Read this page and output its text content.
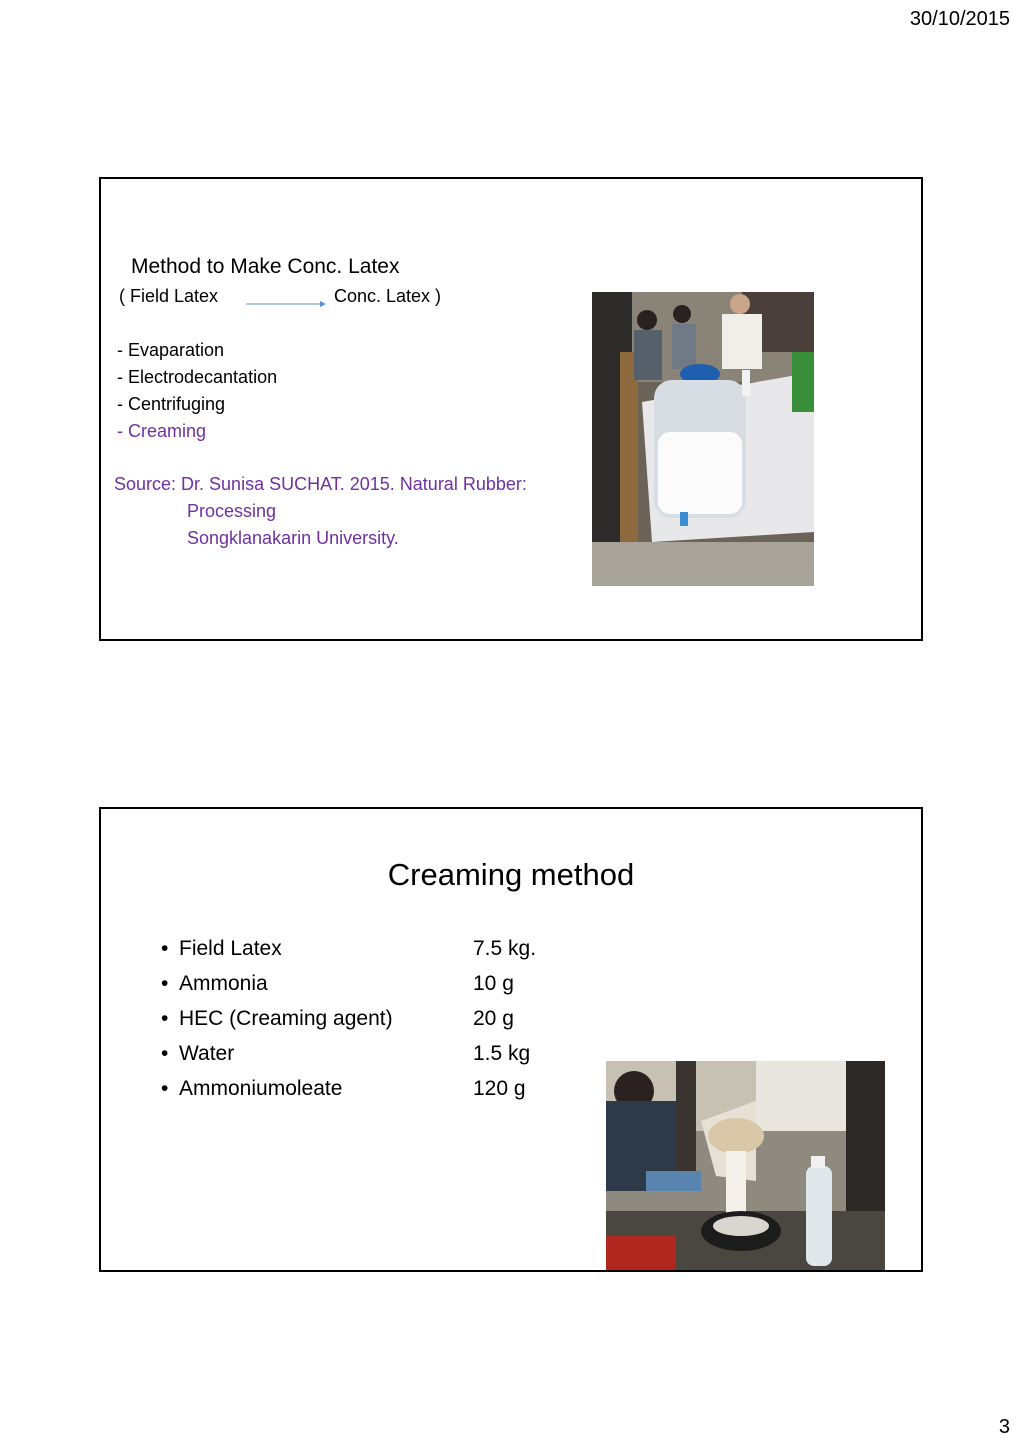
30/10/2015
Method to Make Conc. Latex
( Field Latex	Conc. Latex )
- Evaparation
- Electrodecantation
- Centrifuging
- Creaming
Source: Dr. Sunisa SUCHAT. 2015. Natural Rubber:
Processing
Songklanakarin University.
Creaming method
• Field Latex	7.5 kg.
• Ammonia	10 g
• HEC (Creaming agent)	20 g
• Water	1.5 kg
• Ammoniumoleate	120 g
3
